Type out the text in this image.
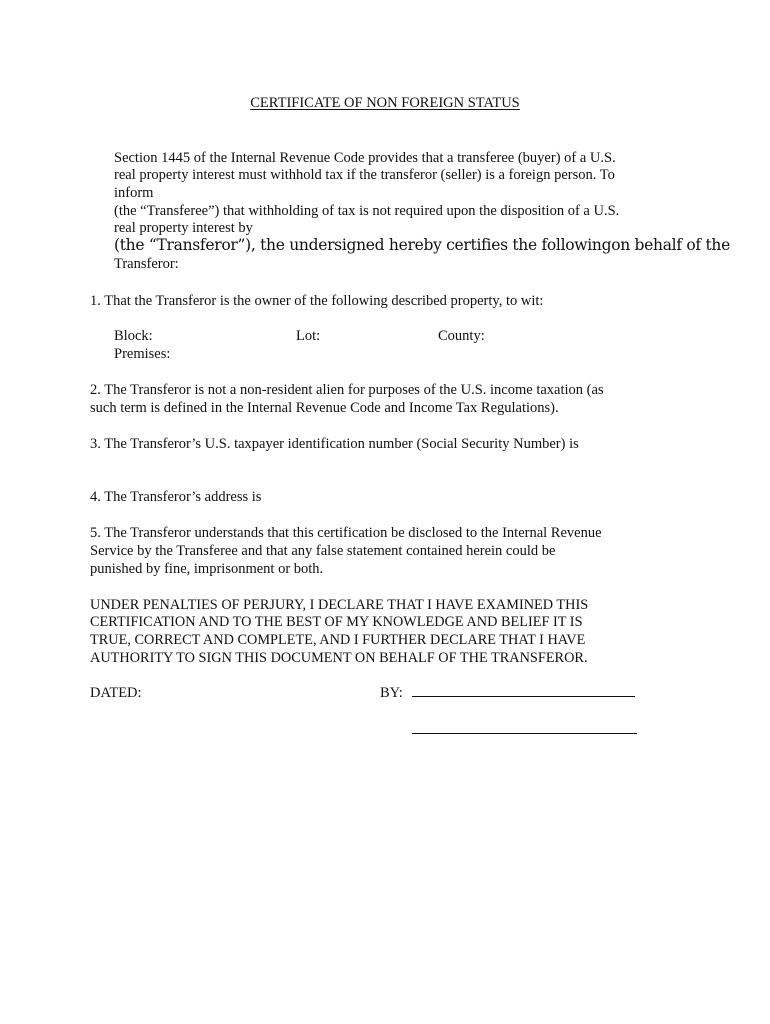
CERTIFICATE OF NON FOREIGN STATUS
Section 1445 of the Internal Revenue Code provides that a transferee (buyer) of a U.S.
real property interest must withhold tax if the transferor (seller) is a foreign person. To
inform
(the “Transferee”) that withholding of tax is not required upon the disposition of a U.S.
real property interest by
(the “Transferor”), the undersigned hereby certifies the followingon behalf of the
Transferor:
1. That the Transferor is the owner of the following described property, to wit:
Block:	Lot:	County:
Premises:
2. The Transferor is not a non-resident alien for purposes of the U.S. income taxation (as
such term is defined in the Internal Revenue Code and Income Tax Regulations).
3. The Transferor’s U.S. taxpayer identification number (Social Security Number) is
4. The Transferor’s address is
5. The Transferor understands that this certification be disclosed to the Internal Revenue
Service by the Transferee and that any false statement contained herein could be
punished by fine, imprisonment or both.
UNDER PENALTIES OF PERJURY, I DECLARE THAT I HAVE EXAMINED THIS
CERTIFICATION AND TO THE BEST OF MY KNOWLEDGE AND BELIEF IT IS
TRUE, CORRECT AND COMPLETE, AND I FURTHER DECLARE THAT I HAVE
AUTHORITY TO SIGN THIS DOCUMENT ON BEHALF OF THE TRANSFEROR.
DATED:	BY:
